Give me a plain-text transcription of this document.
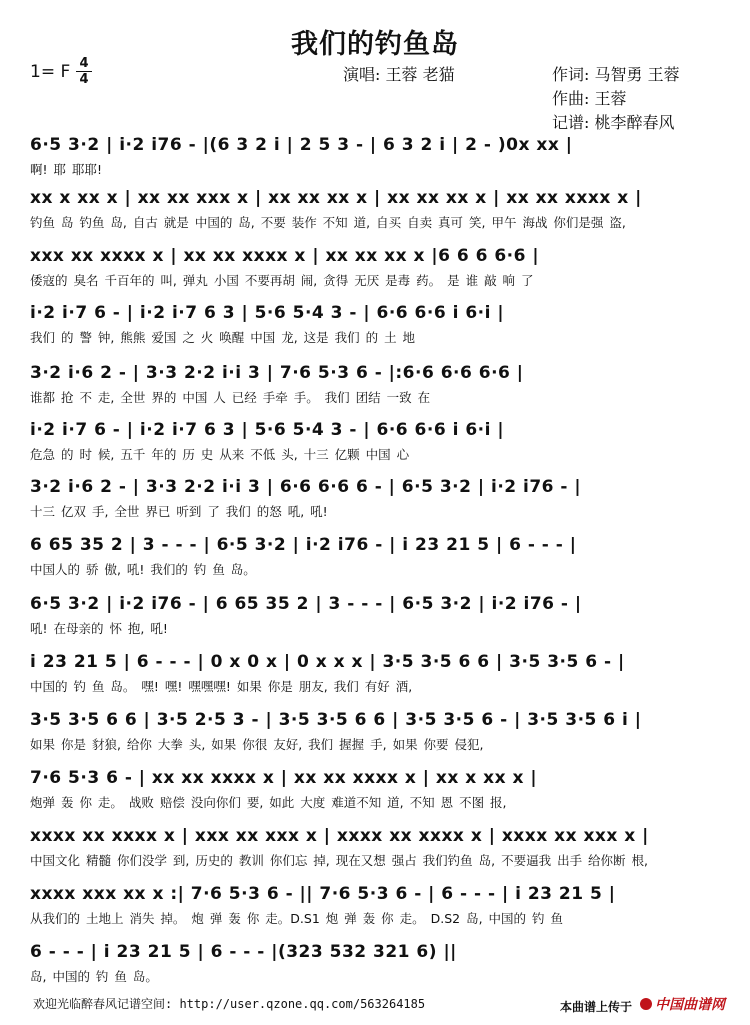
我们的钓鱼岛
1= F 4
4	演唱: 王蓉 老猫	作词: 马智勇 王蓉
作曲: 王蓉
记谱: 桃李醉春风
6·5 3·2 | i·2 i76 - |(6 3 2 i | 2 5 3 - | 6 3 2 i | 2 - )0x xx |
啊! 耶 耶耶!
xx x xx x | xx xx xxx x | xx xx xx x | xx xx xx x | xx xx xxxx x |
钓鱼 岛 钓鱼 岛, 自古 就是 中国的 岛, 不要 装作 不知 道, 自买 自卖 真可 笑, 甲午 海战 你们是强 盗,
xxx xx xxxx x | xx xx xxxx x | xx xx xx x |6 6 6 6·6 |
倭寇的 臭名 千百年的 叫, 弹丸 小国 不要再胡 闹, 贪得 无厌 是毒 药。 是 谁 敲 响 了
i·2 i·7 6 - | i·2 i·7 6 3 | 5·6 5·4 3 - | 6·6 6·6 i 6·i |
我们 的 警 钟, 熊熊 爱国 之 火 唤醒 中国 龙, 这是 我们 的 土 地
3·2 i·6 2 - | 3·3 2·2 i·i 3 | 7·6 5·3 6 - |:6·6 6·6 6·6 |
谁都 抢 不 走, 全世 界的 中国 人 已经 手牵 手。 我们 团结 一致 在
i·2 i·7 6 - | i·2 i·7 6 3 | 5·6 5·4 3 - | 6·6 6·6 i 6·i |
危急 的 时 候, 五千 年的 历 史 从来 不低 头, 十三 亿颗 中国 心
3·2 i·6 2 - | 3·3 2·2 i·i 3 | 6·6 6·6 6 - | 6·5 3·2 | i·2 i76 - |
十三 亿双 手, 全世 界已 听到 了 我们 的怒 吼, 吼!
6 65 35 2 | 3 - - - | 6·5 3·2 | i·2 i76 - | i 23 21 5 | 6 - - - |
中国人的 骄 傲, 吼! 我们的 钓 鱼 岛。
6·5 3·2 | i·2 i76 - | 6 65 35 2 | 3 - - - | 6·5 3·2 | i·2 i76 - |
吼! 在母亲的 怀 抱, 吼!
i 23 21 5 | 6 - - - | 0 x 0 x | 0 x x x | 3·5 3·5 6 6 | 3·5 3·5 6 - |
中国的 钓 鱼 岛。 嘿! 嘿! 嘿嘿嘿! 如果 你是 朋友, 我们 有好 酒,
3·5 3·5 6 6 | 3·5 2·5 3 - | 3·5 3·5 6 6 | 3·5 3·5 6 - | 3·5 3·5 6 i |
如果 你是 豺狼, 给你 大拳 头, 如果 你很 友好, 我们 握握 手, 如果 你要 侵犯,
7·6 5·3 6 - | xx xx xxxx x | xx xx xxxx x | xx x xx x |
炮弹 轰 你 走。 战败 赔偿 没向你们 要, 如此 大度 难道不知 道, 不知 恩 不图 报,
xxxx xx xxxx x | xxx xx xxx x | xxxx xx xxxx x | xxxx xx xxx x |
中国文化 精髓 你们没学 到, 历史的 教训 你们忘 掉, 现在又想 强占 我们钓鱼 岛, 不要逼我 出手 给你断 根,
xxxx xxx xx x :| 7·6 5·3 6 - || 7·6 5·3 6 - | 6 - - - | i 23 21 5 |
从我们的 土地上 消失 掉。 炮 弹 轰 你 走。D.S1 炮 弹 轰 你 走。 D.S2 岛, 中国的 钓 鱼
6 - - - | i 23 21 5 | 6 - - - |(323 532 321 6) ||
岛, 中国的 钓 鱼 岛。
欢迎光临醉春风记谱空间: http://user.qzone.qq.com/563264185	本曲谱上传于	中国曲谱网
